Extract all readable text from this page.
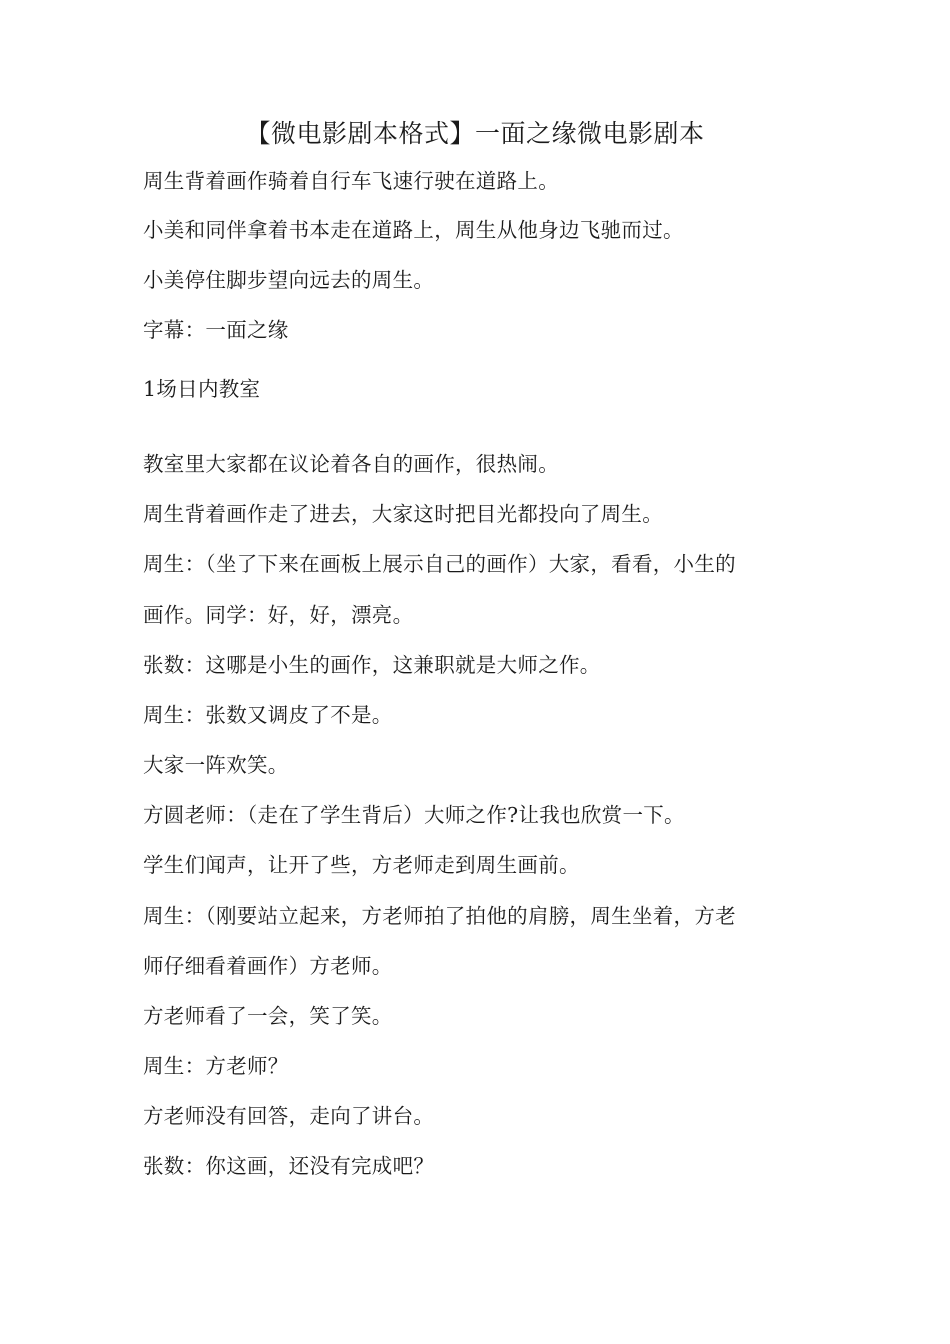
【微电影剧本格式】一面之缘微电影剧本
周生背着画作骑着自行车飞速行驶在道路上。
小美和同伴拿着书本走在道路上，周生从他身边飞驰而过。
小美停住脚步望向远去的周生。
字幕：一面之缘
1场日内教室
教室里大家都在议论着各自的画作，很热闹。
周生背着画作走了进去，大家这时把目光都投向了周生。
周生：（坐了下来在画板上展示自己的画作）大家，看看，小生的
画作。同学：好，好，漂亮。
张数：这哪是小生的画作，这兼职就是大师之作。
周生：张数又调皮了不是。
大家一阵欢笑。
方圆老师：（走在了学生背后）大师之作?让我也欣赏一下。
学生们闻声，让开了些，方老师走到周生画前。
周生：（刚要站立起来，方老师拍了拍他的肩膀，周生坐着，方老
师仔细看着画作）方老师。
方老师看了一会，笑了笑。
周生：方老师？
方老师没有回答，走向了讲台。
张数：你这画，还没有完成吧？
